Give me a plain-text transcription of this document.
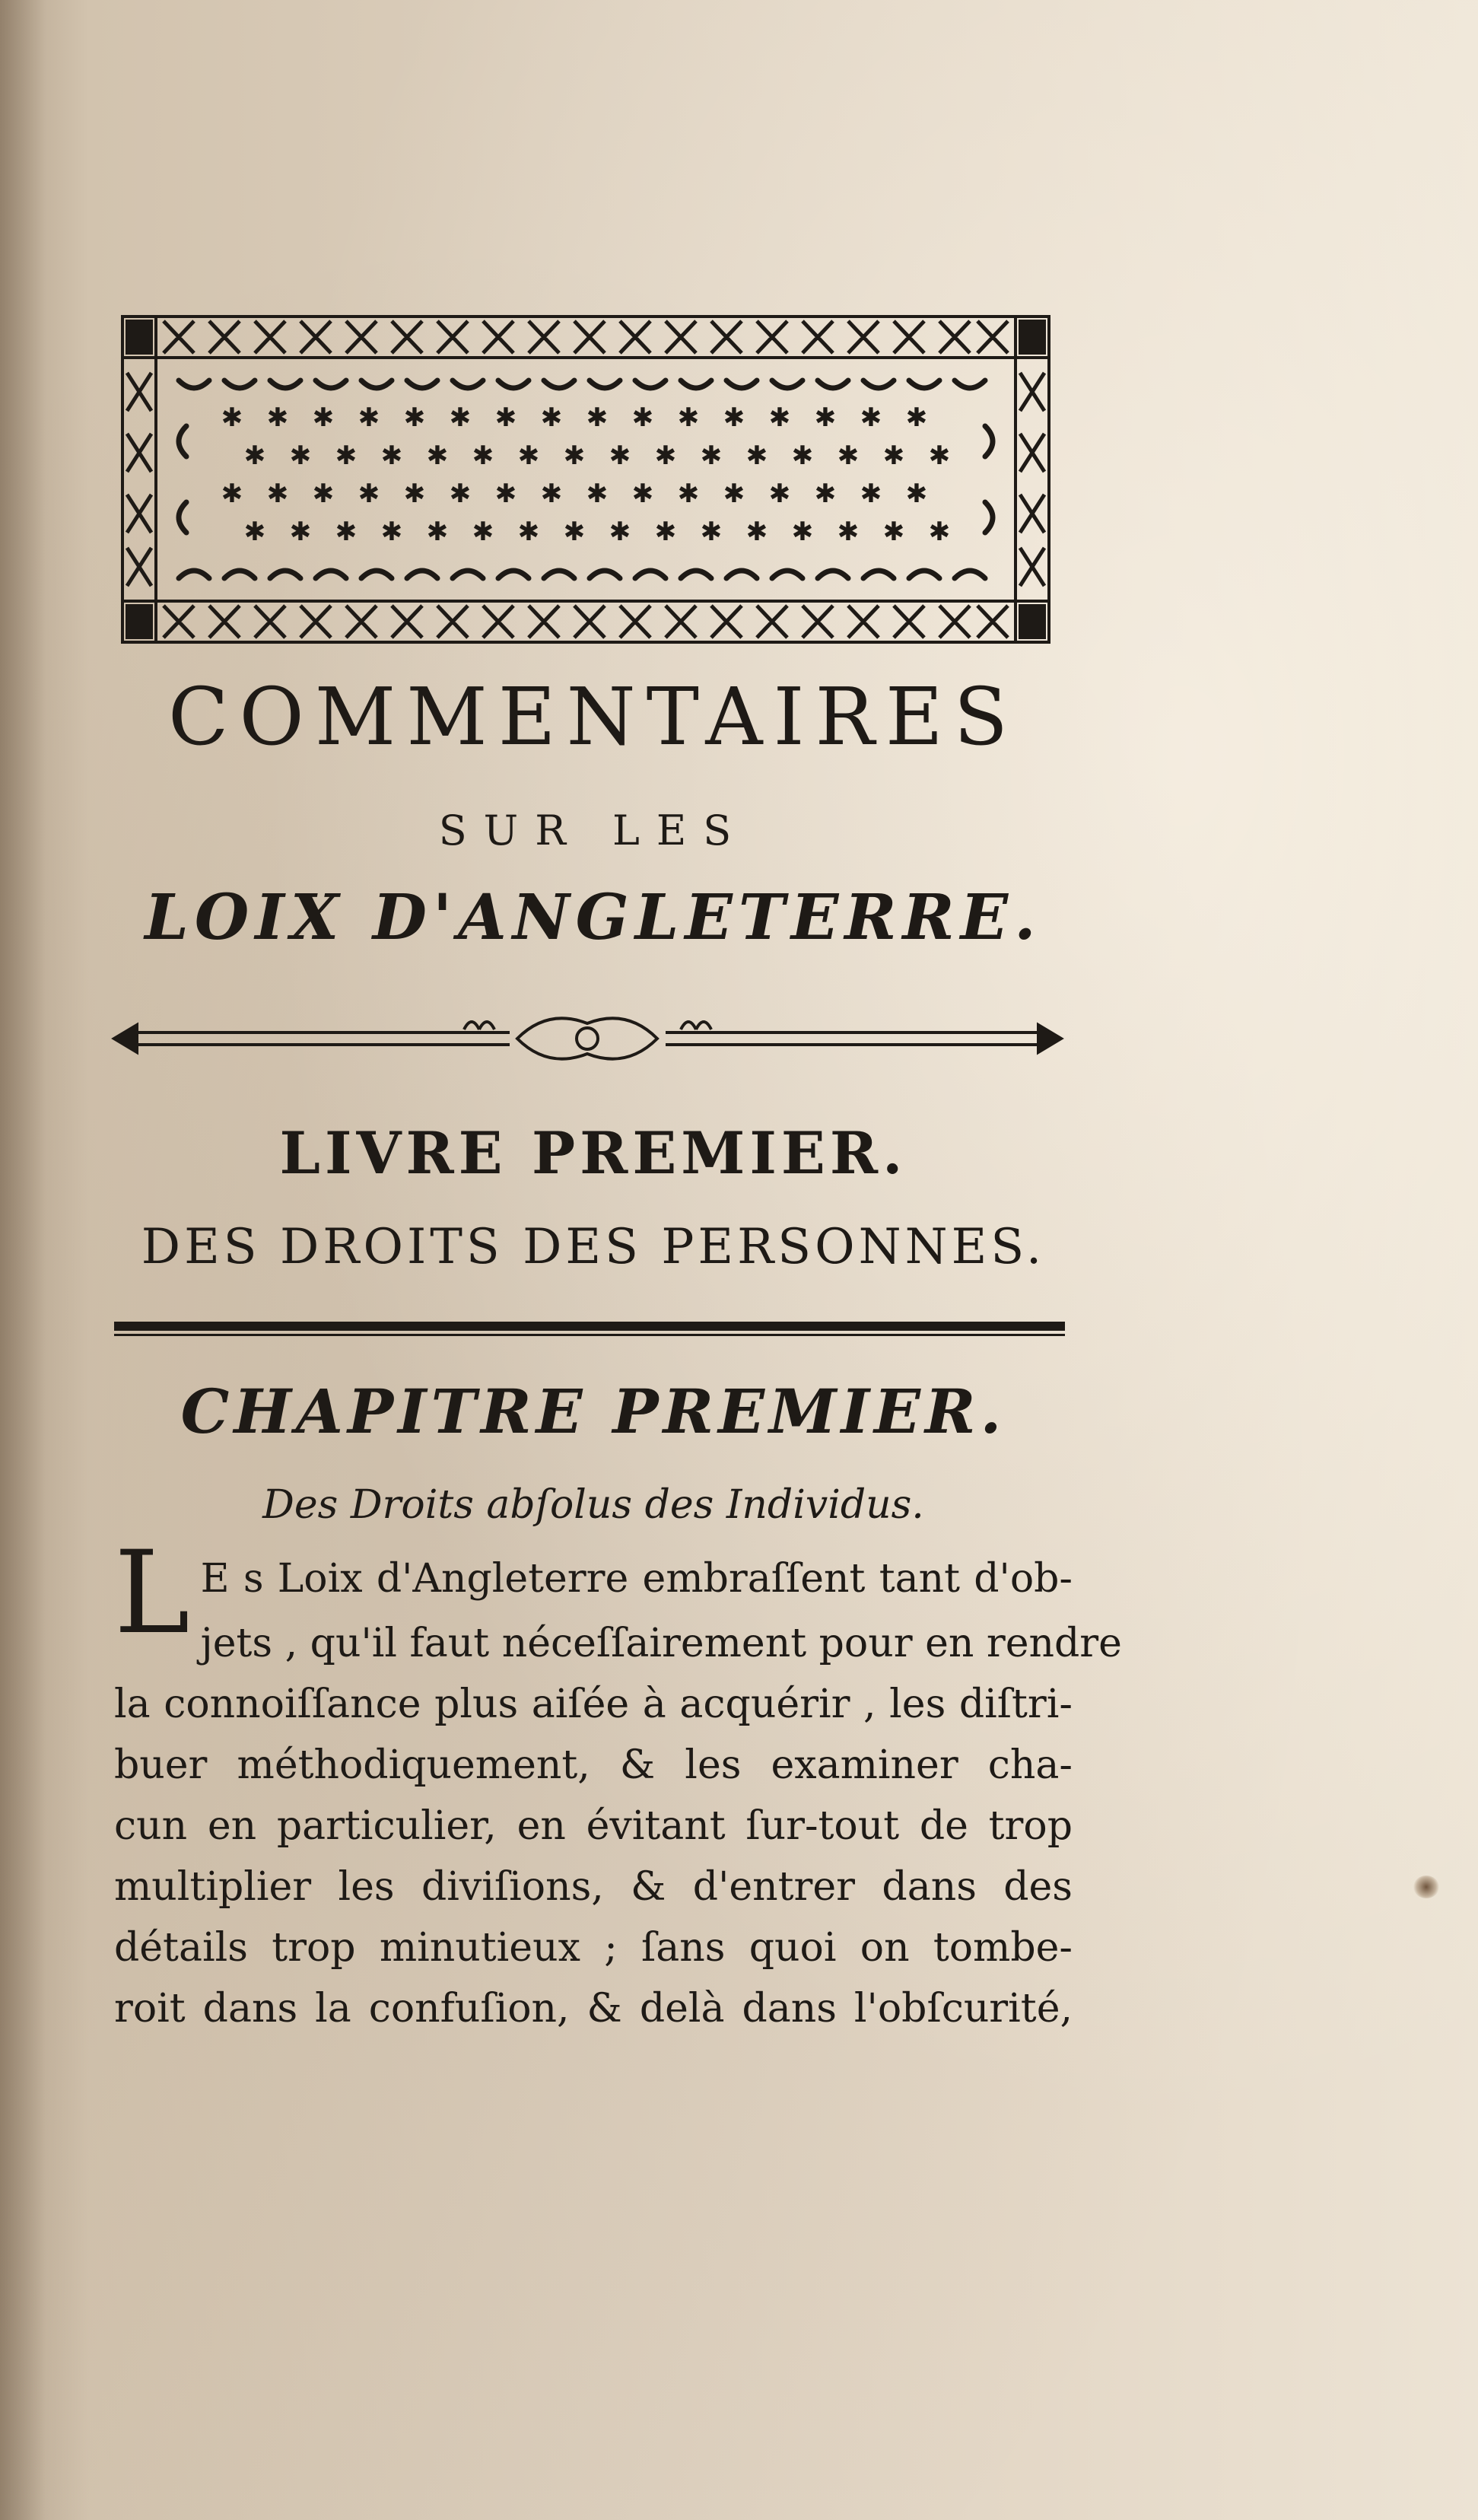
✱ ✱ ✱ ✱ ✱ ✱ ✱ ✱ ✱ ✱ ✱ ✱ ✱ ✱ ✱ ✱
✱ ✱ ✱ ✱ ✱ ✱ ✱ ✱ ✱ ✱ ✱ ✱ ✱ ✱ ✱ ✱
✱ ✱ ✱ ✱ ✱ ✱ ✱ ✱ ✱ ✱ ✱ ✱ ✱ ✱ ✱ ✱
✱ ✱ ✱ ✱ ✱ ✱ ✱ ✱ ✱ ✱ ✱ ✱ ✱ ✱ ✱ ✱
COMMENTAIRES
SUR LES
LOIX D'ANGLETERRE.
LIVRE PREMIER.
DES DROITS DES PERSONNES.
CHAPITRE PREMIER.
Des Droits abſolus des Individus.
L E s Loix d'Angleterre embraſſent tant d'ob-
jets , qu'il faut néceſſairement pour en rendre
la connoiſſance plus aiſée à acquérir , les diſtri-
buer méthodiquement, & les examiner cha-
cun en particulier, en évitant ſur-tout de trop
multiplier les diviſions, & d'entrer dans des
détails trop minutieux ; ſans quoi on tombe-
roit dans la confuſion, & delà dans l'obſcurité,
